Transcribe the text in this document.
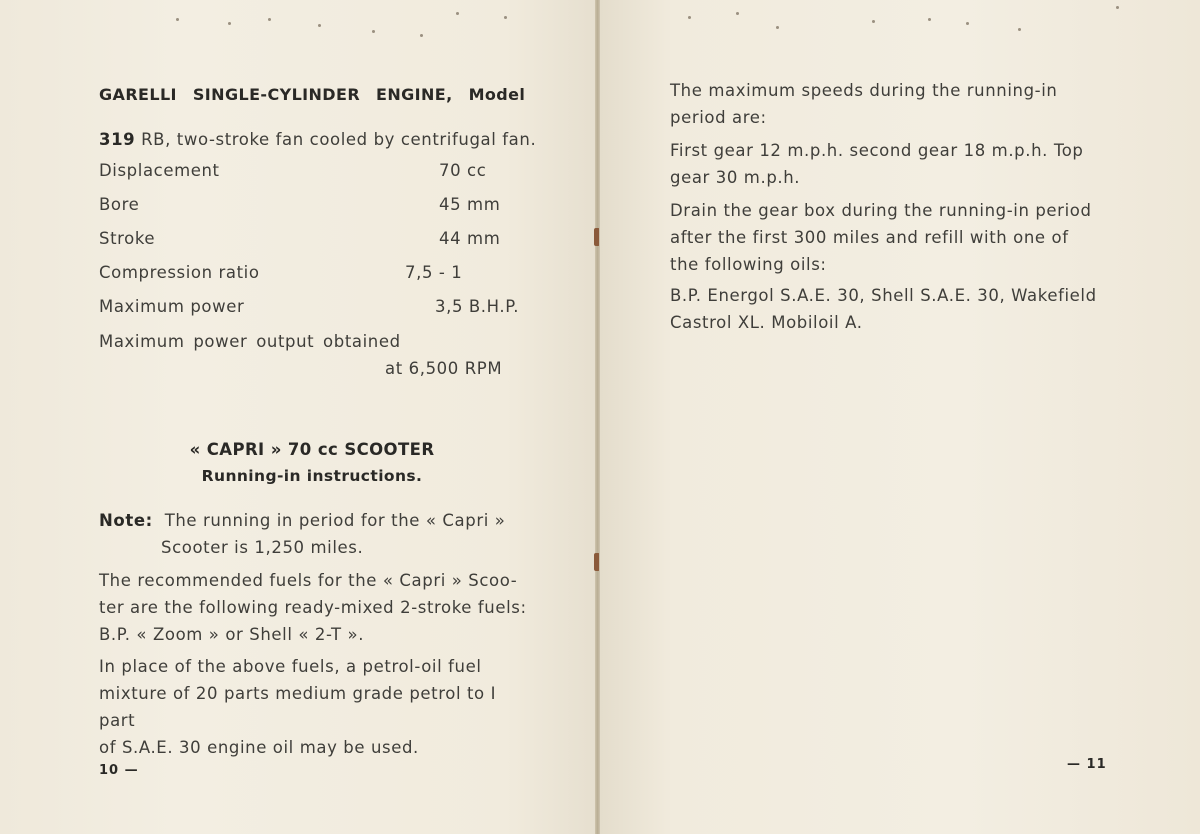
GARELLI SINGLE-CYLINDER ENGINE, Model
319 RB, two-stroke fan cooled by centrifugal fan.
Displacement	70 cc
Bore	45 mm
Stroke	44 mm
Compression ratio	7,5 - 1
Maximum power	3,5 B.H.P.
Maximum power output obtained
at 6,500 RPM
« CAPRI » 70 cc SCOOTER
Running-in instructions.
Note: The running in period for the « Capri »
Scooter is 1,250 miles.
The recommended fuels for the « Capri » Scoo-
ter are the following ready-mixed 2-stroke fuels:
B.P. « Zoom » or Shell « 2-T ».
In place of the above fuels, a petrol-oil fuel
mixture of 20 parts medium grade petrol to I part
of S.A.E. 30 engine oil may be used.
10 —
The maximum speeds during the running-in
period are:
First gear 12 m.p.h. second gear 18 m.p.h. Top
gear 30 m.p.h.
Drain the gear box during the running-in period
after the first 300 miles and refill with one of
the following oils:
B.P. Energol S.A.E. 30, Shell S.A.E. 30, Wakefield
Castrol XL. Mobiloil A.
— 11
